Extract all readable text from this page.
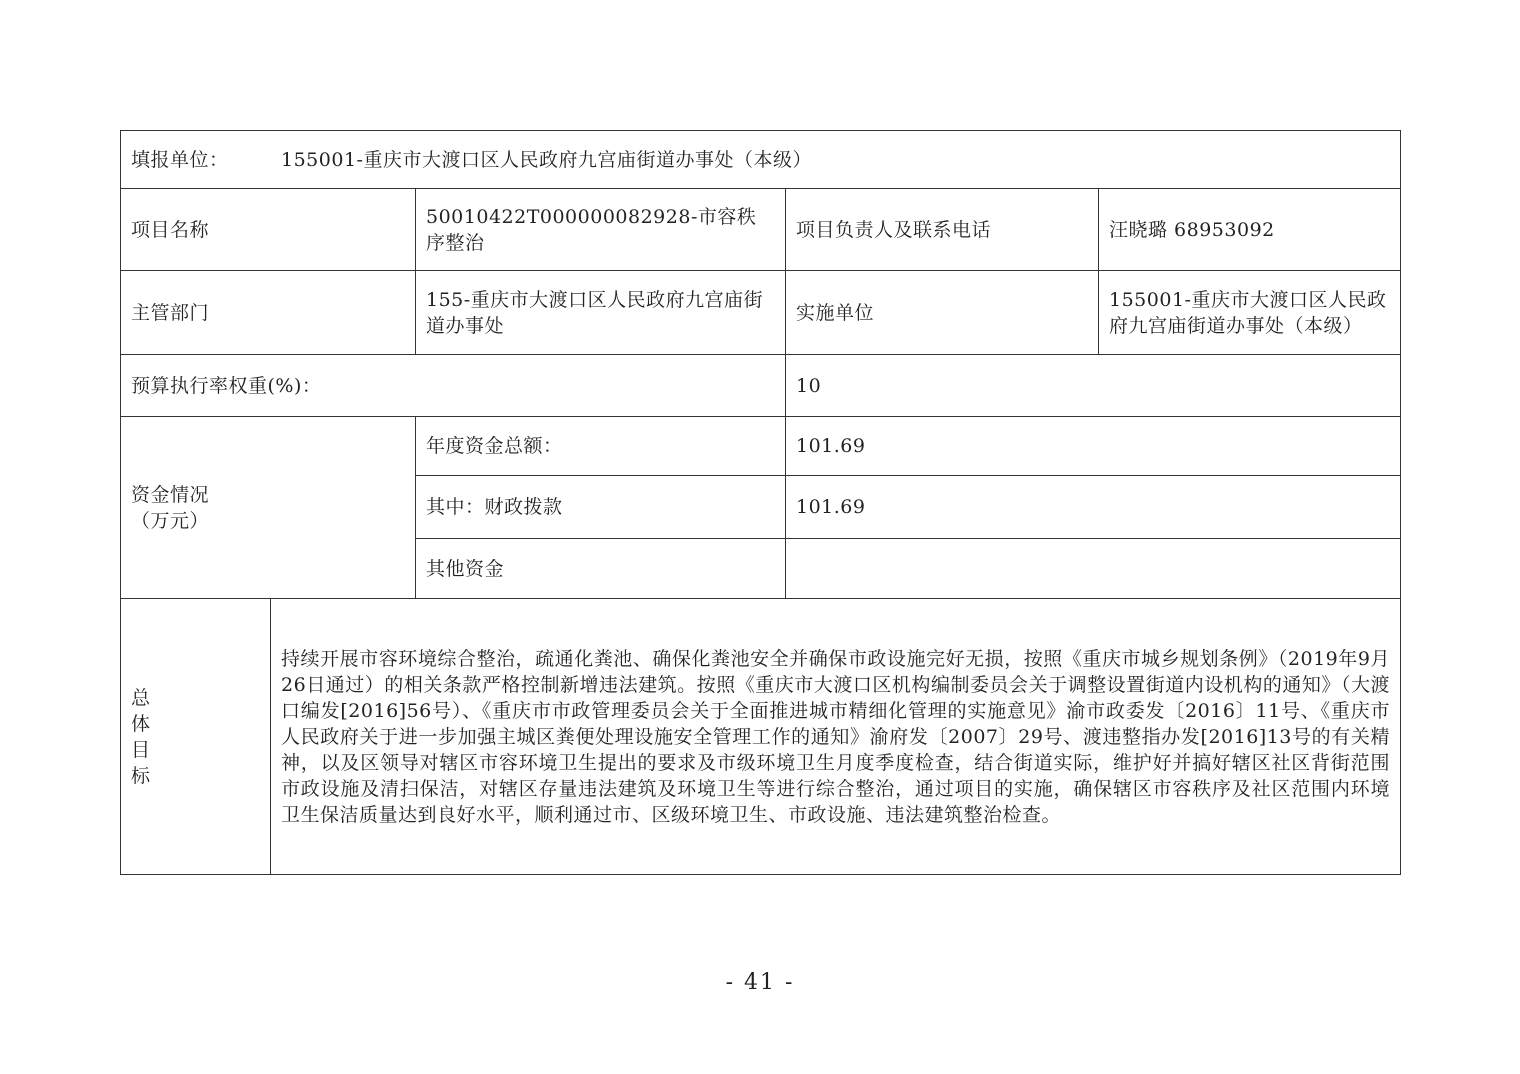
填报单位： 155001-重庆市大渡口区人民政府九宫庙街道办事处（本级）				
项目名称		50010422T000000082928-市容秩序整治	项目负责人及联系电话	汪晓璐 68953092
主管部门		155-重庆市大渡口区人民政府九宫庙街道办事处	实施单位	155001-重庆市大渡口区人民政府九宫庙街道办事处（本级）
预算执行率权重(%)：			10	
资金情况（万元）		年度资金总额：	101.69	
		其中：财政拨款	101.69	
		其他资金		
总体目标	持续开展市容环境综合整治，疏通化粪池、确保化粪池安全并确保市政设施完好无损，按照《重庆市城乡规划条例》（2019年9月26日通过）的相关条款严格控制新增违法建筑。按照《重庆市大渡口区机构编制委员会关于调整设置街道内设机构的通知》（大渡口编发[2016]56号）、《重庆市市政管理委员会关于全面推进城市精细化管理的实施意见》渝市政委发〔2016〕11号、《重庆市人民政府关于进一步加强主城区粪便处理设施安全管理工作的通知》渝府发〔2007〕29号、渡违整指办发[2016]13号的有关精神，以及区领导对辖区市容环境卫生提出的要求及市级环境卫生月度季度检查，结合街道实际，维护好并搞好辖区社区背街范围市政设施及清扫保洁，对辖区存量违法建筑及环境卫生等进行综合整治，通过项目的实施，确保辖区市容秩序及社区范围内环境卫生保洁质量达到良好水平，顺利通过市、区级环境卫生、市政设施、违法建筑整治检查。			
- 41 -
